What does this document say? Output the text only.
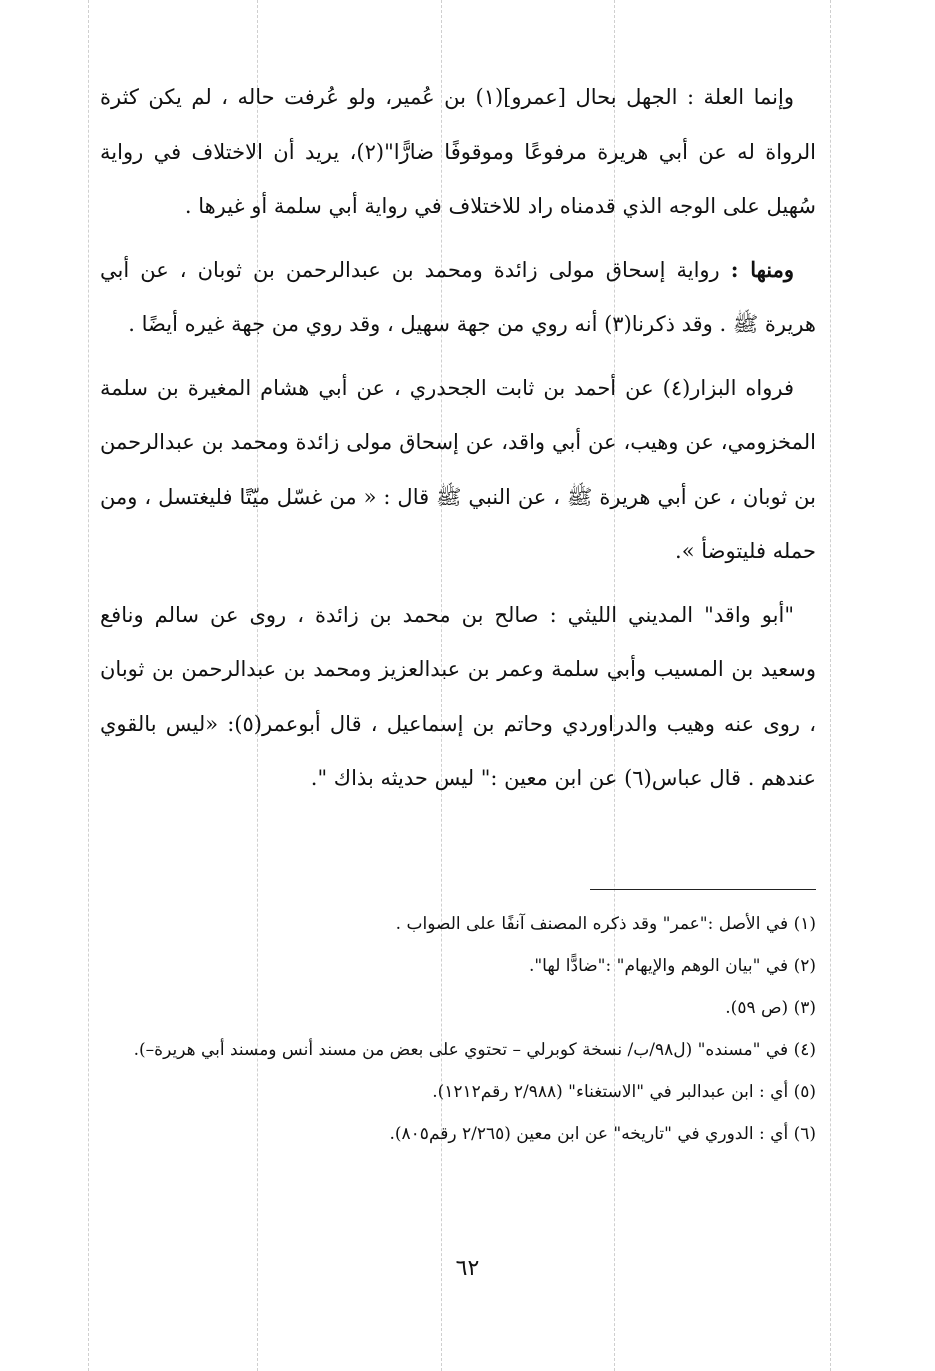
وإنما العلة : الجهل بحال [عمرو](١) بن عُمير، ولو عُرفت حاله ، لم يكن كثرة الرواة له عن أبي هريرة مرفوعًا وموقوفًا ضارًّا"(٢)، يريد أن الاختلاف في رواية سُهيل على الوجه الذي قدمناه راد للاختلاف في رواية أبي سلمة أو غيرها .

ومنها : رواية إسحاق مولى زائدة ومحمد بن عبدالرحمن بن ثوبان ، عن أبي هريرة ﷺ . وقد ذكرنا(٣) أنه روي من جهة سهيل ، وقد روي من جهة غيره أيضًا .

فرواه البزار(٤) عن أحمد بن ثابت الجحدري ، عن أبي هشام المغيرة بن سلمة المخزومي، عن وهيب، عن أبي واقد، عن إسحاق مولى زائدة ومحمد بن عبدالرحمن بن ثوبان ، عن أبي هريرة ﷺ ، عن النبي ﷺ قال : « من غسّل ميّتًا فليغتسل ، ومن حمله فليتوضأ ».

"أبو واقد" المديني الليثي : صالح بن محمد بن زائدة ، روى عن سالم ونافع وسعيد بن المسيب وأبي سلمة وعمر بن عبدالعزيز ومحمد بن عبدالرحمن بن ثوبان ، روى عنه وهيب والدراوردي وحاتم بن إسماعيل ، قال أبوعمر(٥): «ليس بالقوي عندهم . قال عباس(٦) عن ابن معين :" ليس حديثه بذاك ".

(١) في الأصل :"عمر" وقد ذكره المصنف آنفًا على الصواب .

(٢) في "بيان الوهم والإيهام" :"ضادًّا لها".

(٣) (ص ٥٩).

(٤) في "مسنده" (ل٩٨/ب/ نسخة كوبرلي – تحتوي على بعض من مسند أنس ومسند أبي هريرة–).

(٥) أي : ابن عبدالبر في "الاستغناء" (٢/٩٨٨ رقم١٢١٢).

(٦) أي : الدوري في "تاريخه" عن ابن معين (٢/٢٦٥ رقم٨٠٥).

٦٢
